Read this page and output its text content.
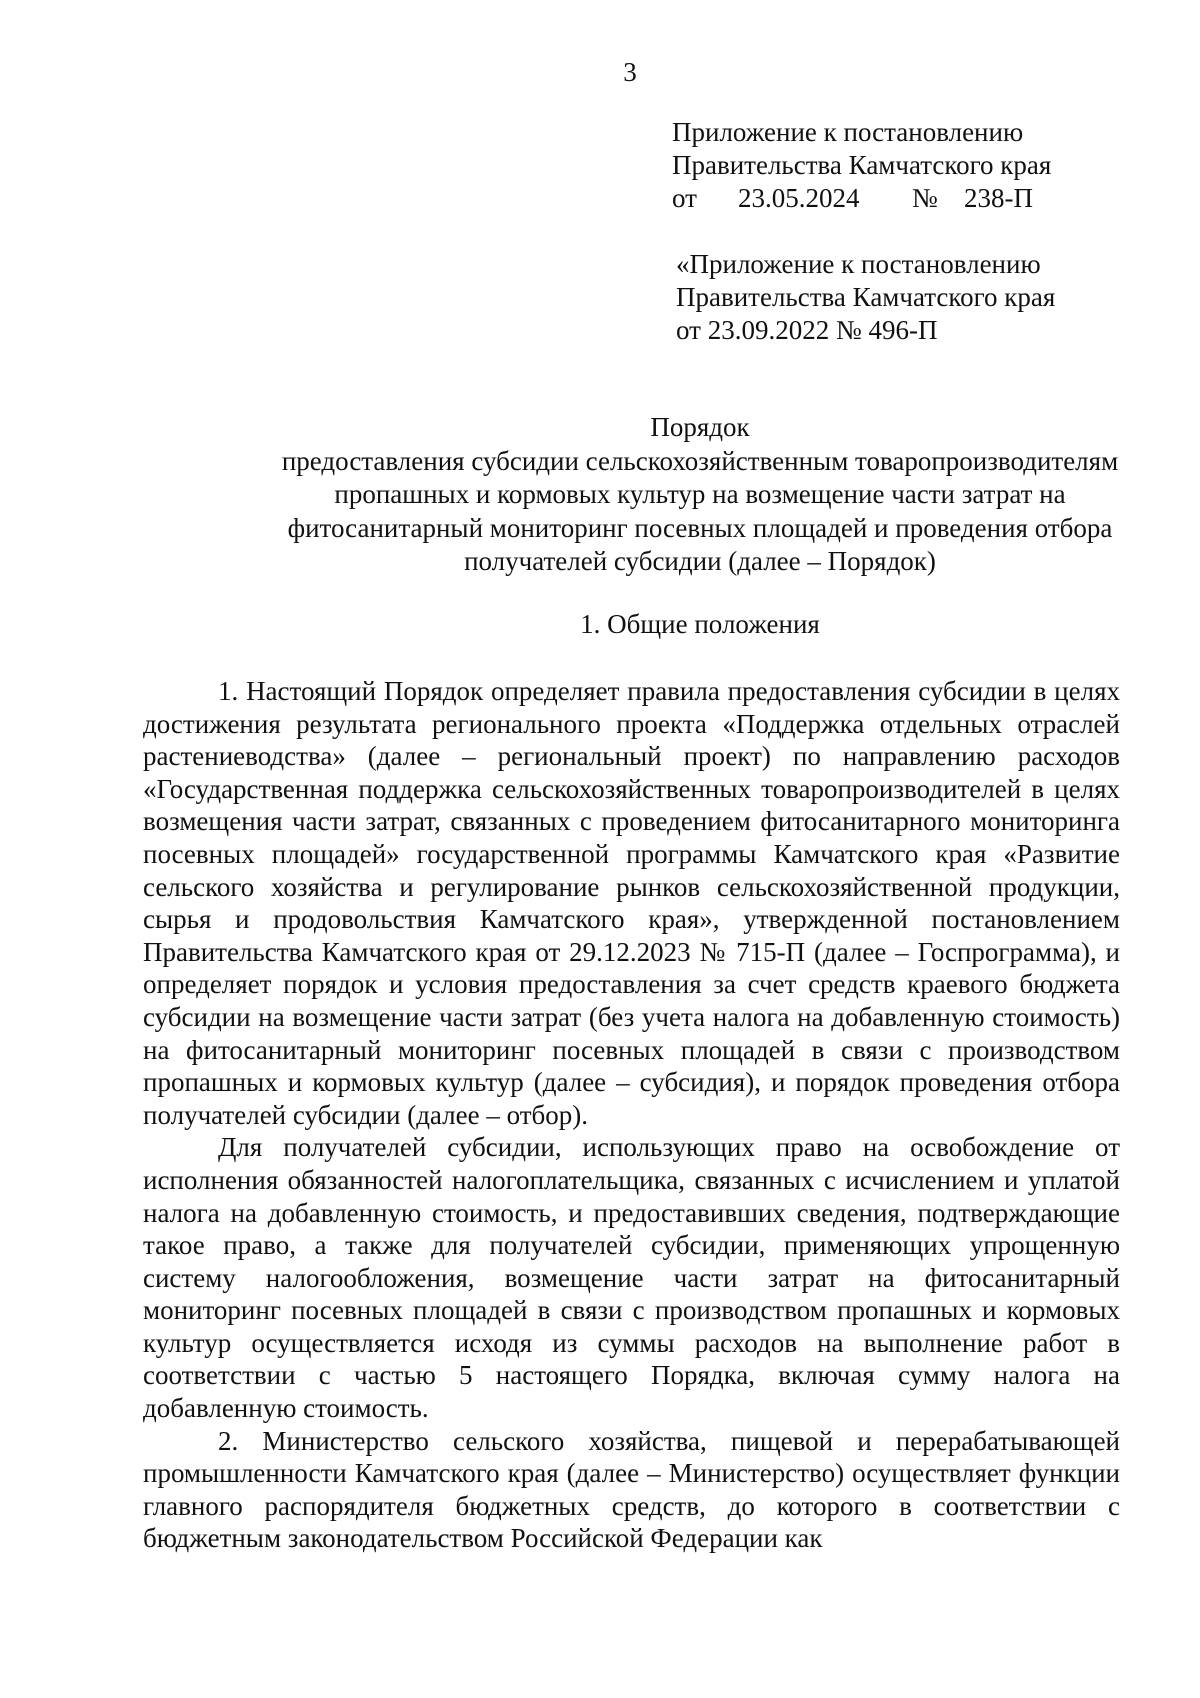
3
Приложение к постановлению
Правительства Камчатского края
от 23.05.2024 № 238-П
«Приложение к постановлению
Правительства Камчатского края
от 23.09.2022 № 496-П
Порядок
предоставления субсидии сельскохозяйственным товаропроизводителям
пропашных и кормовых культур на возмещение части затрат на
фитосанитарный мониторинг посевных площадей и проведения отбора
получателей субсидии (далее – Порядок)
1. Общие положения

1. Настоящий Порядок определяет правила предоставления субсидии в целях достижения результата регионального проекта «Поддержка отдельных отраслей растениеводства» (далее – региональный проект) по направлению расходов «Государственная поддержка сельскохозяйственных товаропроизводителей в целях возмещения части затрат, связанных с проведением фитосанитарного мониторинга посевных площадей» государственной программы Камчатского края «Развитие сельского хозяйства и регулирование рынков сельскохозяйственной продукции, сырья и продовольствия Камчатского края», утвержденной постановлением Правительства Камчатского края от 29.12.2023 № 715-П (далее – Госпрограмма), и определяет порядок и условия предоставления за счет средств краевого бюджета субсидии на возмещение части затрат (без учета налога на добавленную стоимость) на фитосанитарный мониторинг посевных площадей в связи с производством пропашных и кормовых культур (далее – субсидия), и порядок проведения отбора получателей субсидии (далее – отбор).

Для получателей субсидии, использующих право на освобождение от исполнения обязанностей налогоплательщика, связанных с исчислением и уплатой налога на добавленную стоимость, и предоставивших сведения, подтверждающие такое право, а также для получателей субсидии, применяющих упрощенную систему налогообложения, возмещение части затрат на фитосанитарный мониторинг посевных площадей в связи с производством пропашных и кормовых культур осуществляется исходя из суммы расходов на выполнение работ в соответствии с частью 5 настоящего Порядка, включая сумму налога на добавленную стоимость.

2. Министерство сельского хозяйства, пищевой и перерабатывающей промышленности Камчатского края (далее – Министерство) осуществляет функции главного распорядителя бюджетных средств, до которого в соответствии с бюджетным законодательством Российской Федерации как
